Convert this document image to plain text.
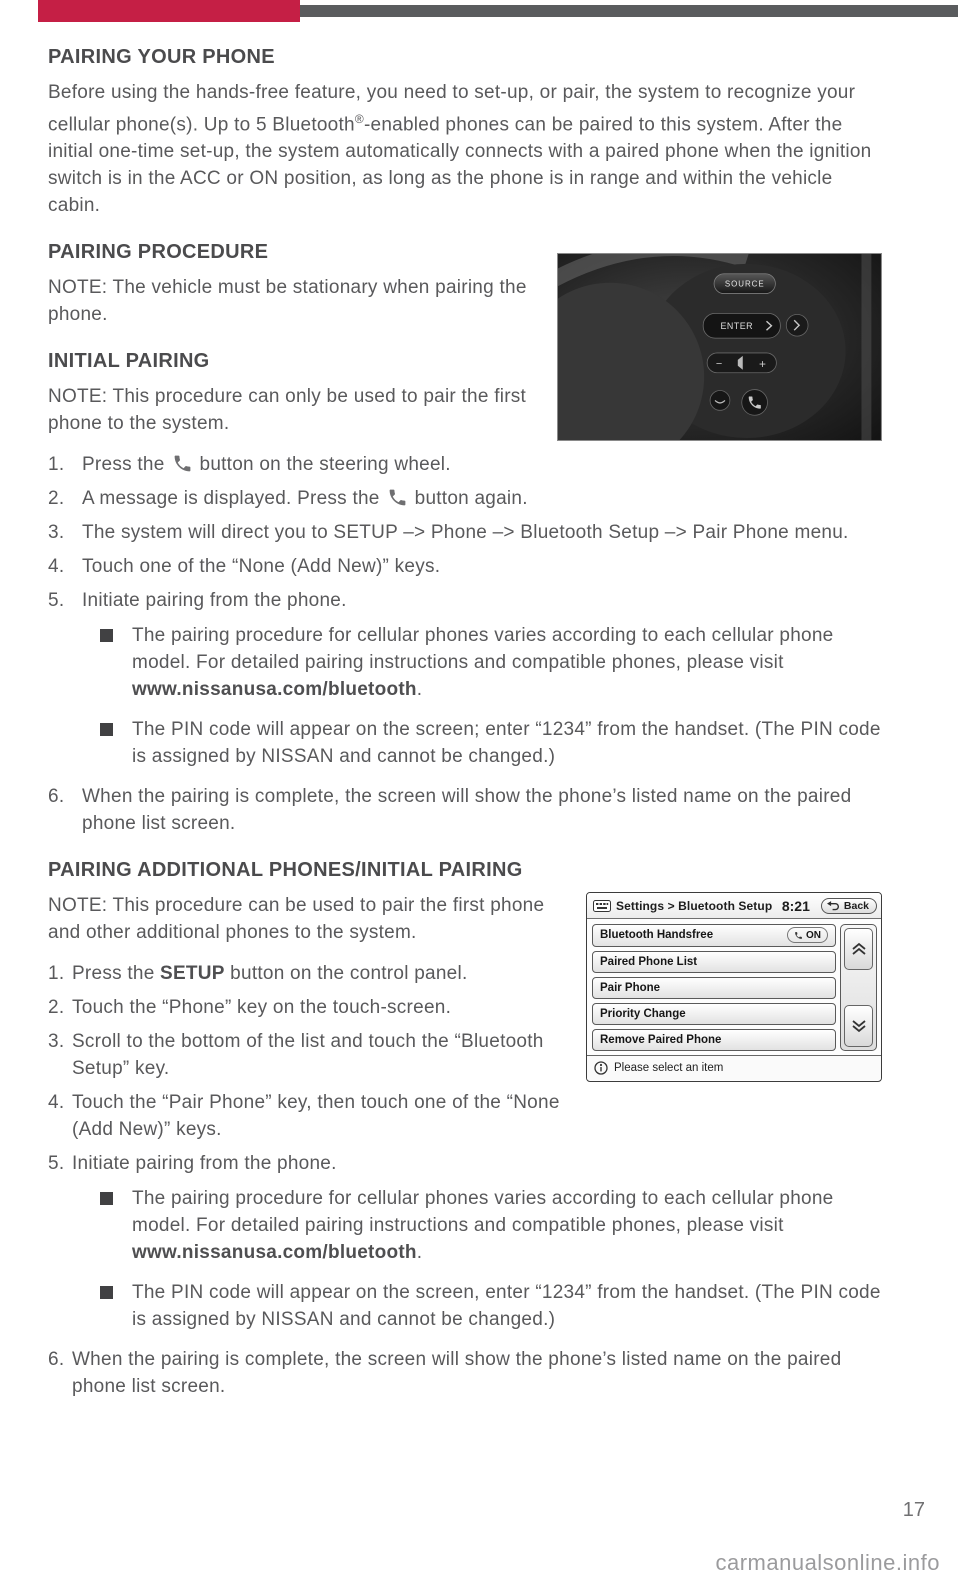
PAIRING YOUR PHONE

Before using the hands-free feature, you need to set-up, or pair, the system to recognize your cellular phone(s). Up to 5 Bluetooth®-enabled phones can be paired to this system. After the initial one-time set-up, the system automatically connects with a paired phone when the ignition switch is in the ACC or ON position, as long as the phone is in range and within the vehicle cabin.

SOURCE
ENTER
−	+
PAIRING PROCEDURE

NOTE: The vehicle must be stationary when pairing the phone.

INITIAL PAIRING

NOTE: This procedure can only be used to pair the first phone to the system.

1. Press the button on the steering wheel.
2. A message is displayed. Press the button again.
3. The system will direct you to SETUP –> Phone –> Bluetooth Setup –> Pair Phone menu.
4. Touch one of the “None (Add New)” keys.
5. Initiate pairing from the phone.
The pairing procedure for cellular phones varies according to each cellular phone model. For detailed pairing instructions and compatible phones, please visit www.nissanusa.com/bluetooth.
The PIN code will appear on the screen; enter “1234” from the handset. (The PIN code is assigned by NISSAN and cannot be changed.)
6. When the pairing is complete, the screen will show the phone’s listed name on the paired phone list screen.
PAIRING ADDITIONAL PHONES/INITIAL PAIRING
Settings > Bluetooth Setup 8:21	Back
Bluetooth Handsfree	ON
Paired Phone List
Pair Phone
Priority Change
Remove Paired Phone
Please select an item

NOTE: This procedure can be used to pair the first phone and other additional phones to the system.

1. Press the SETUP button on the control panel.
2. Touch the “Phone” key on the touch-screen.
3. Scroll to the bottom of the list and touch the “Bluetooth Setup” key.
4. Touch the “Pair Phone” key, then touch one of the “None (Add New)” keys.
5. Initiate pairing from the phone.
The pairing procedure for cellular phones varies according to each cellular phone model. For detailed pairing instructions and compatible phones, please visit www.nissanusa.com/bluetooth.
The PIN code will appear on the screen, enter “1234” from the handset. (The PIN code is assigned by NISSAN and cannot be changed.)
6. When the pairing is complete, the screen will show the phone’s listed name on the paired phone list screen.
17
carmanualsonline.info
